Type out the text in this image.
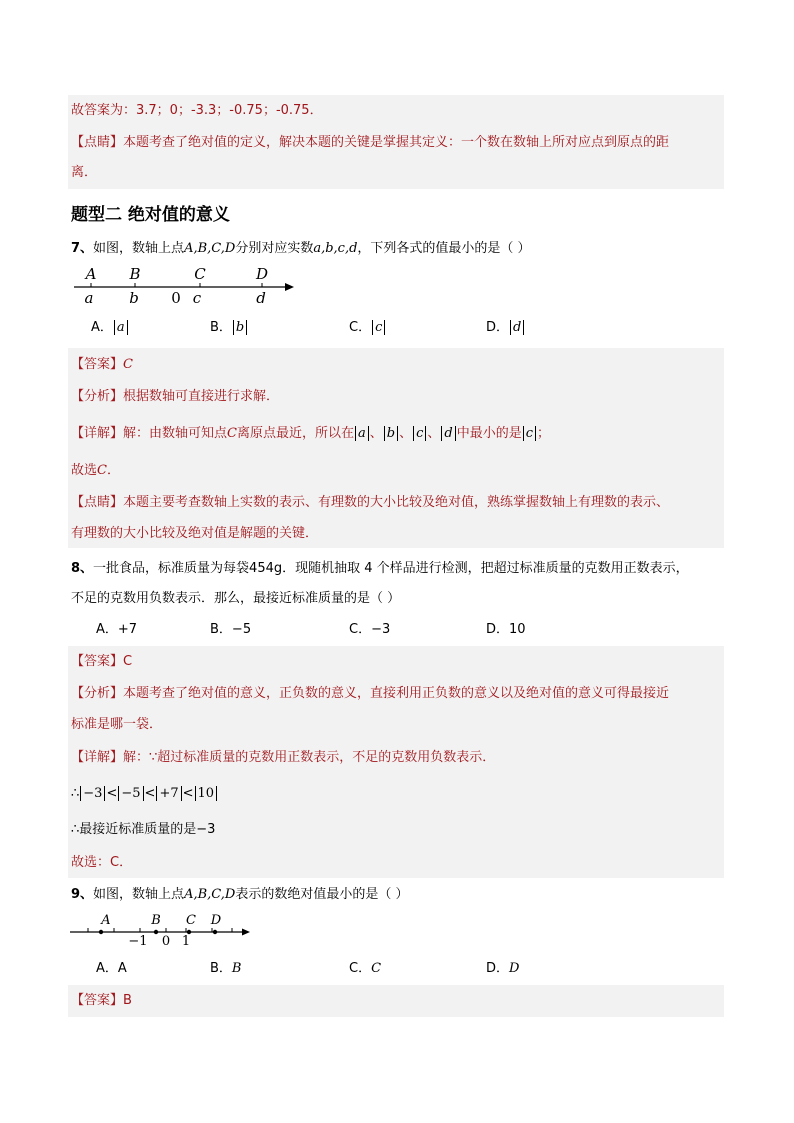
故答案为：3.7；0；-3.3；-0.75；-0.75．
【点睛】本题考查了绝对值的定义，解决本题的关键是掌握其定义：一个数在数轴上所对应点到原点的距
离．
题型二 绝对值的意义
7、如图，数轴上点A,B,C,D分别对应实数a,b,c,d，下列各式的值最小的是（ ）
A B	C	D
a b 0 c	d
A． a	B． b	C． c	D． d
【答案】C
【分析】根据数轴可直接进行求解．
【详解】解：由数轴可知点C离原点最近，所以在 a 、 b 、 c 、 d 中最小的是 c ；
故选C．
【点睛】本题主要考查数轴上实数的表示、有理数的大小比较及绝对值，熟练掌握数轴上有理数的表示、
有理数的大小比较及绝对值是解题的关键．
8、一批食品，标准质量为每袋454g．现随机抽取 4 个样品进行检测，把超过标准质量的克数用正数表示，
不足的克数用负数表示．那么，最接近标准质量的是（ ）
A．+7	B．−5	C．−3	D．10
【答案】C
【分析】本题考查了绝对值的意义，正负数的意义，直接利用正负数的意义以及绝对值的意义可得最接近
标准是哪一袋．
【详解】解：∵超过标准质量的克数用正数表示，不足的克数用负数表示．
∴ −3 < −5 < +7 < 10
∴最接近标准质量的是−3
故选：C．
9、如图，数轴上点A,B,C,D表示的数绝对值最小的是（ ）
A	B C D
−1 0 1
A．A	B．B	C．C	D．D
【答案】B
